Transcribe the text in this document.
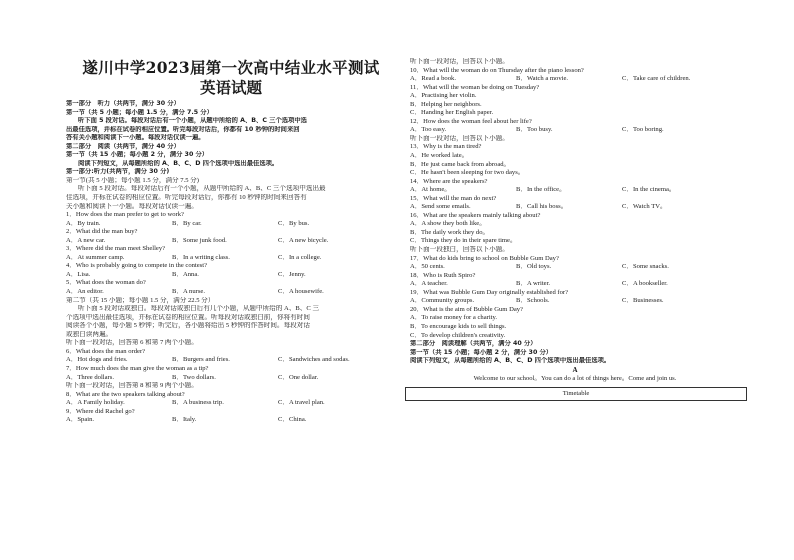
遂川中学2023届第一次高中结业水平测试
英语试题
第一部分　听力（共两节，满分 30 分）
第一节（共 5 小题；每小题 1.5 分，满分 7.5 分）
听下面 5 段对话。每段对话后有一个小题，从题中所给的 A、B、C 三个选项中选
出最佳选项，并标在试卷的相应位置。听完每段对话后，你都有 10 秒钟的时间来回
答有关小题和阅读下一小题。每段对话仅读一遍。
第二部分　阅读（共两节，满分 40 分）
第一节（共 15 小题；每小题 2 分，满分 30 分）
阅读下列短文，从每题所给的 A、B、C、D 四个选项中选出最佳选项。
第一部分:听力(共两节，满分 30 分)
第一节(共 5 小题；每小题 1.5 分，满分 7.5 分)
听下面 5 段对话。每段对话后有一个小题，从题中所给的 A、B、C 三个选项中选出最
佳选项，并标在试卷的相应位置。听完每段对话后，你都有 10 秒钟的时间来回答有
关小题和阅读下一小题。每段对话仅读一遍。
1．How does the man prefer to get to work?
A．By train.	B．By car.	C．By bus.
2．What did the man buy?
A．A new car.	B．Some junk food.	C．A new bicycle.
3．Where did the man meet Shelley?
A．At summer camp.	B．In a writing class.	C．In a college.
4．Who is probably going to compete in the contest?
A．Lisa.	B．Anna.	C．Jenny.
5．What does the woman do?
A．An editor.	B．A nurse.	C．A housewife.
第二节（共 15 小题；每小题 1.5 分，满分 22.5 分）
听下面 5 段对话或独白。每段对话或独白后有几个小题，从题中所给的 A、B、C 三
个选项中选出最佳选项，并标在试卷的相应位置。听每段对话或独白前，你将有时间
阅读各个小题，每小题 5 秒钟；听完后，各小题将给出 5 秒钟的作答时间。每段对话
或独白读两遍。
听下面一段对话，回答第 6 和第 7 两个小题。
6．What does the man order?
A．Hot dogs and fries.	B．Burgers and fries.	C．Sandwiches and sodas.
7．How much does the man give the woman as a tip?
A．Three dollars.	B．Two dollars.	C．One dollar.
听下面一段对话，回答第 8 和第 9 两个小题。
8．What are the two speakers talking about?
A．A Family holiday.	B．A business trip.	C．A travel plan.
9．Where did Rachel go?
A．Spain.	B．Italy.	C．China.
听下面一段对话，回答以下小题。
10．What will the woman do on Thursday after the piano lesson?
A．Read a book.	B．Watch a movie.	C．Take care of children.
11．What will the woman be doing on Tuesday?
A．Practising her violin.
B．Helping her neighbors.
C．Handing her English paper.
12．How does the woman feel about her life?
A．Too easy.	B．Too busy.	C．Too boring.
听下面一段对话，回答以下小题。
13．Why is the man tired?
A．He worked late。
B．He just came back from abroad。
C．He hasn't been sleeping for two days。
14．Where are the speakers?
A．At home。	B．In the office。	C．In the cinema。
15．What will the man do next?
A．Send some emails.	B．Call his boss。	C．Watch TV。
16．What are the speakers mainly talking about?
A．A show they both like。
B．The daily work they do。
C．Things they do in their spare time。
听下面一段独白，回答以下小题。
17．What do kids bring to school on Bubble Gum Day?
A．50 cents.	B．Old toys.	C．Some snacks.
18．Who is Ruth Spiro?
A．A teacher.	B．A writer.	C．A bookseller.
19．What was Bubble Gum Day originally established for?
A．Community groups.	B．Schools.	C．Businesses.
20．What is the aim of Bubble Gum Day?
A．To raise money for a charity.
B．To encourage kids to sell things.
C．To develop children's creativity.
第二部分　阅读理解（共两节，满分 40 分）
第一节（共 15 小题；每小题 2 分，满分 30 分）
阅读下列短文，从每题所给的 A、B、C、D 四个选项中选出最佳选项。
A
Welcome to our school。You can do a lot of things here。Come and join us.
Timetable
